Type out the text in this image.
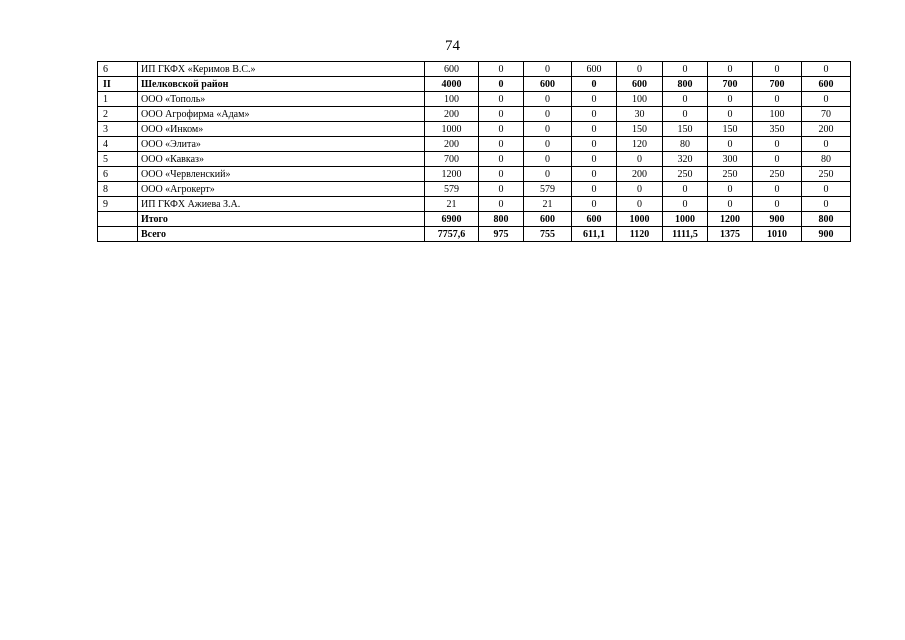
74
6	ИП ГКФХ «Керимов В.С.»	600	0	0	600	0	0	0	0	0
II	Шелковской район	4000	0	600	0	600	800	700	700	600
1	ООО «Тополь»	100	0	0	0	100	0	0	0	0
2	ООО Агрофирма «Адам»	200	0	0	0	30	0	0	100	70
3	ООО «Инком»	1000	0	0	0	150	150	150	350	200
4	ООО «Элита»	200	0	0	0	120	80	0	0	0
5	ООО «Кавказ»	700	0	0	0	0	320	300	0	80
6	ООО «Червленский»	1200	0	0	0	200	250	250	250	250
8	ООО «Агрокерт»	579	0	579	0	0	0	0	0	0
9	ИП ГКФХ Ажиева З.А.	21	0	21	0	0	0	0	0	0
	Итого	6900	800	600	600	1000	1000	1200	900	800
	Всего	7757,6	975	755	611,1	1120	1111,5	1375	1010	900
